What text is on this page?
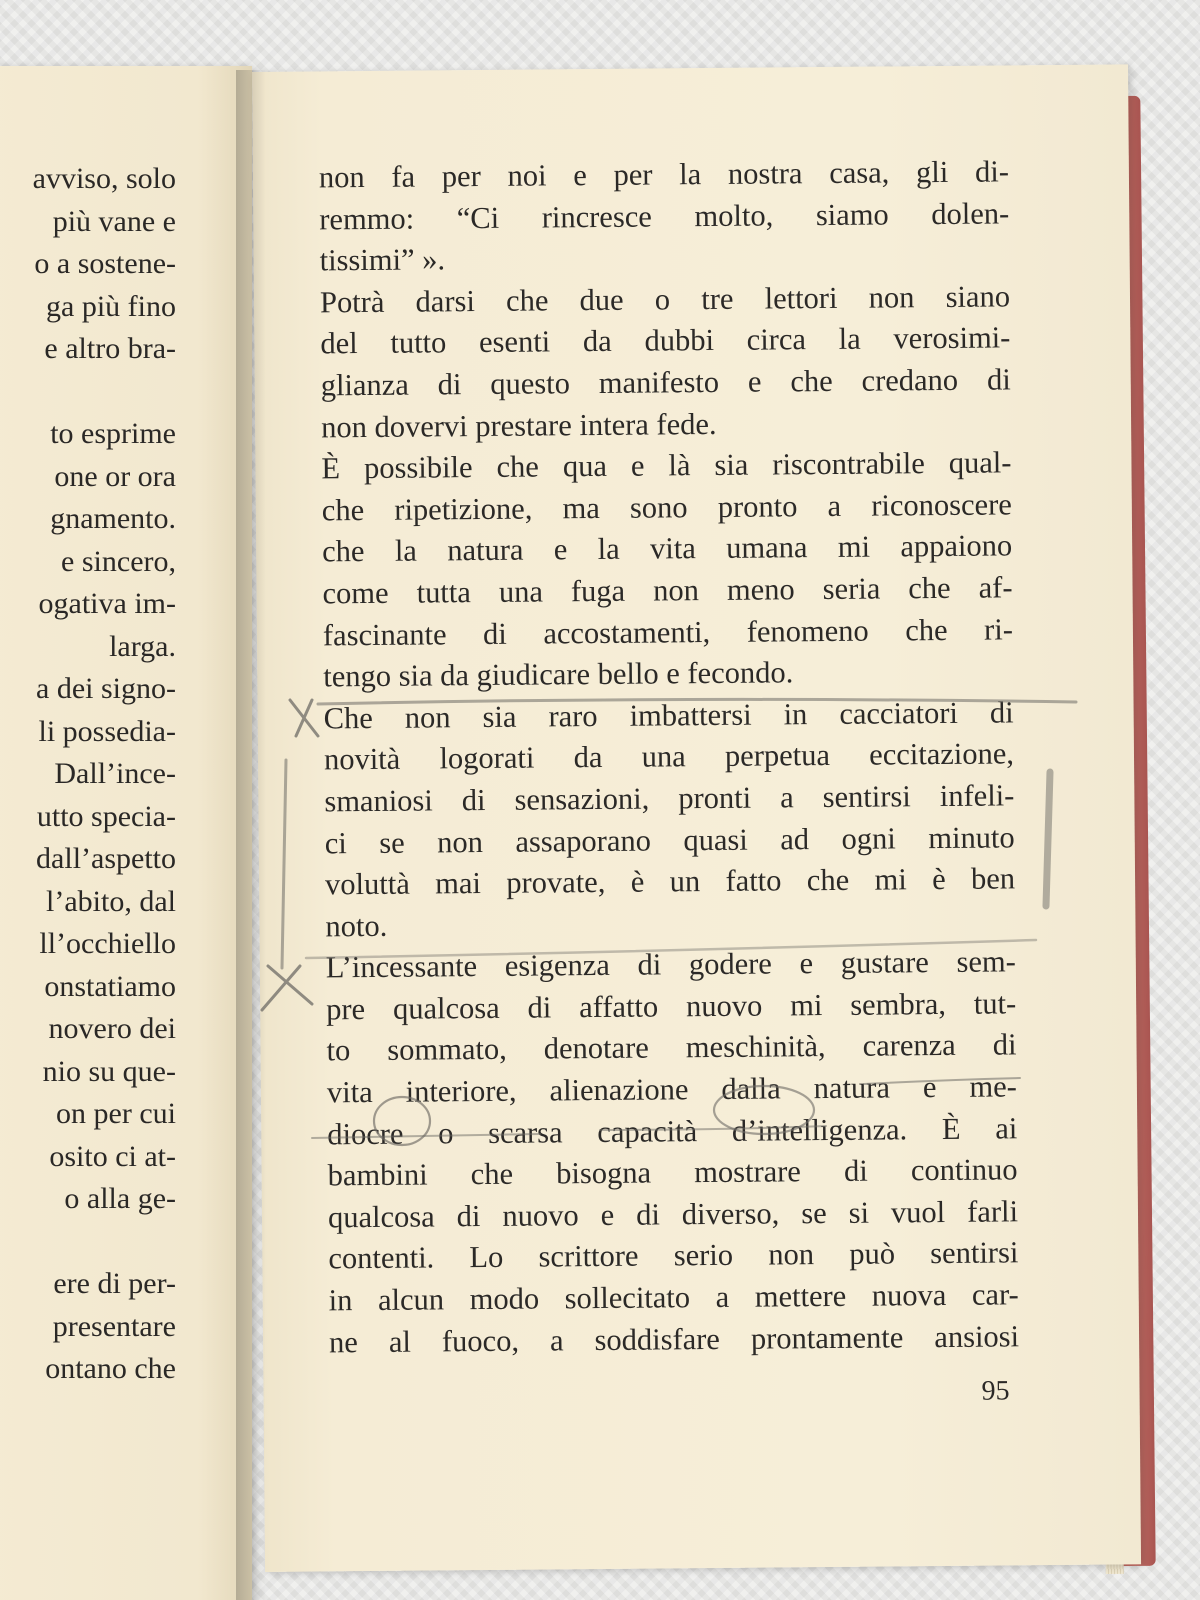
avviso, solo
più vane e
o a sostene-
ga più fino
e altro bra-
to esprime
one or ora
gnamento.
e sincero,
ogativa im-
larga.
a dei signo-
li possedia-
Dall’ince-
utto specia-
dall’aspetto
l’abito, dal
ll’occhiello
onstatiamo
novero dei
nio su que-
on per cui
osito ci at-
o alla ge-
ere di per-
presentare
ontano che
non fa per noi e per la nostra casa, gli di-
remmo: “Ci rincresce molto, siamo dolen-
tissimi” ».
Potrà darsi che due o tre lettori non siano
del tutto esenti da dubbi circa la verosimi-
glianza di questo manifesto e che credano di
non dovervi prestare intera fede.
È possibile che qua e là sia riscontrabile qual-
che ripetizione, ma sono pronto a riconoscere
che la natura e la vita umana mi appaiono
come tutta una fuga non meno seria che af-
fascinante di accostamenti, fenomeno che ri-
tengo sia da giudicare bello e fecondo.
Che non sia raro imbattersi in cacciatori di
novità logorati da una perpetua eccitazione,
smaniosi di sensazioni, pronti a sentirsi infeli-
ci se non assaporano quasi ad ogni minuto
voluttà mai provate, è un fatto che mi è ben
noto.
L’incessante esigenza di godere e gustare sem-
pre qualcosa di affatto nuovo mi sembra, tut-
to sommato, denotare meschinità, carenza di
vita interiore, alienazione dalla natura e me-
diocre o scarsa capacità d’intelligenza. È ai
bambini che bisogna mostrare di continuo
qualcosa di nuovo e di diverso, se si vuol farli
contenti. Lo scrittore serio non può sentirsi
in alcun modo sollecitato a mettere nuova car-
ne al fuoco, a soddisfare prontamente ansiosi
95
